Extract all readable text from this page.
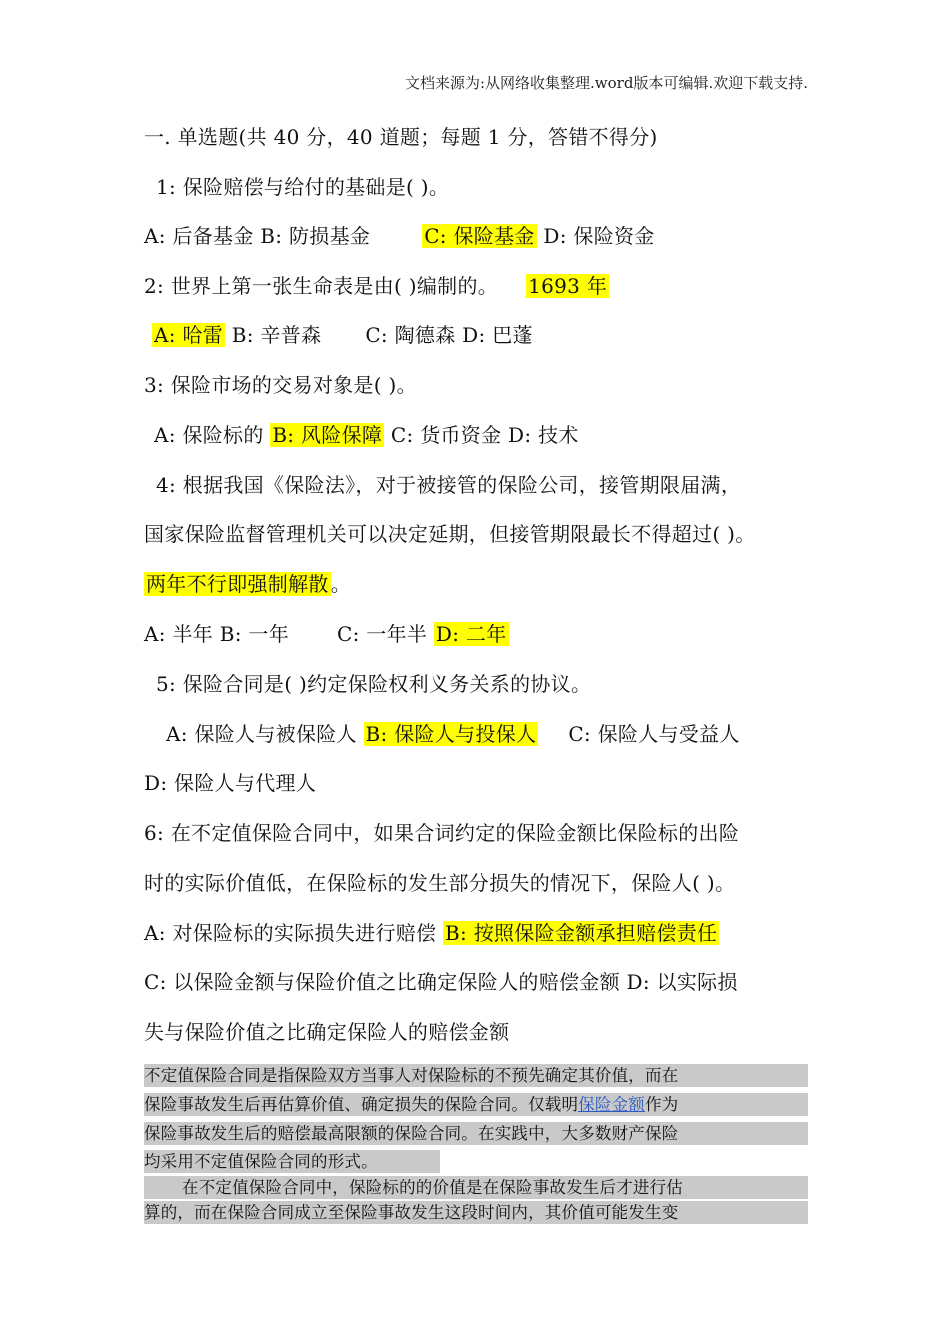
文档来源为:从网络收集整理.word版本可编辑.欢迎下载支持.
一. 单选题(共 40 分，40 道题；每题 1 分，答错不得分)
1: 保险赔偿与给付的基础是( )。
A: 后备基金 B: 防损基金	C: 保险基金 D: 保险资金
2: 世界上第一张生命表是由( )编制的。 1693 年
A: 哈雷 B: 辛普森 C: 陶德森 D: 巴蓬
3: 保险市场的交易对象是( )。
A: 保险标的 B: 风险保障 C: 货币资金 D: 技术
4: 根据我国《保险法》，对于被接管的保险公司，接管期限届满，
国家保险监督管理机关可以决定延期，但接管期限最长不得超过( )。
两年不行即强制解散 。
A: 半年 B: 一年 C: 一年半 D: 二年
5: 保险合同是( )约定保险权利义务关系的协议。
A: 保险人与被保险人 B: 保险人与投保人 C: 保险人与受益人
D: 保险人与代理人
6: 在不定值保险合同中，如果合词约定的保险金额比保险标的出险
时的实际价值低，在保险标的发生部分损失的情况下，保险人( )。
A: 对保险标的实际损失进行赔偿 B: 按照保险金额承担赔偿责任
C: 以保险金额与保险价值之比确定保险人的赔偿金额 D: 以实际损
失与保险价值之比确定保险人的赔偿金额
不定值保险合同是指保险双方当事人对保险标的不预先确定其价值，而在
保险事故发生后再估算价值、确定损失的保险合同。仅载明保险金额作为
保险事故发生后的赔偿最高限额的保险合同。在实践中，大多数财产保险
均采用不定值保险合同的形式。
在不定值保险合同中，保险标的的价值是在保险事故发生后才进行估
算的，而在保险合同成立至保险事故发生这段时间内，其价值可能发生变
